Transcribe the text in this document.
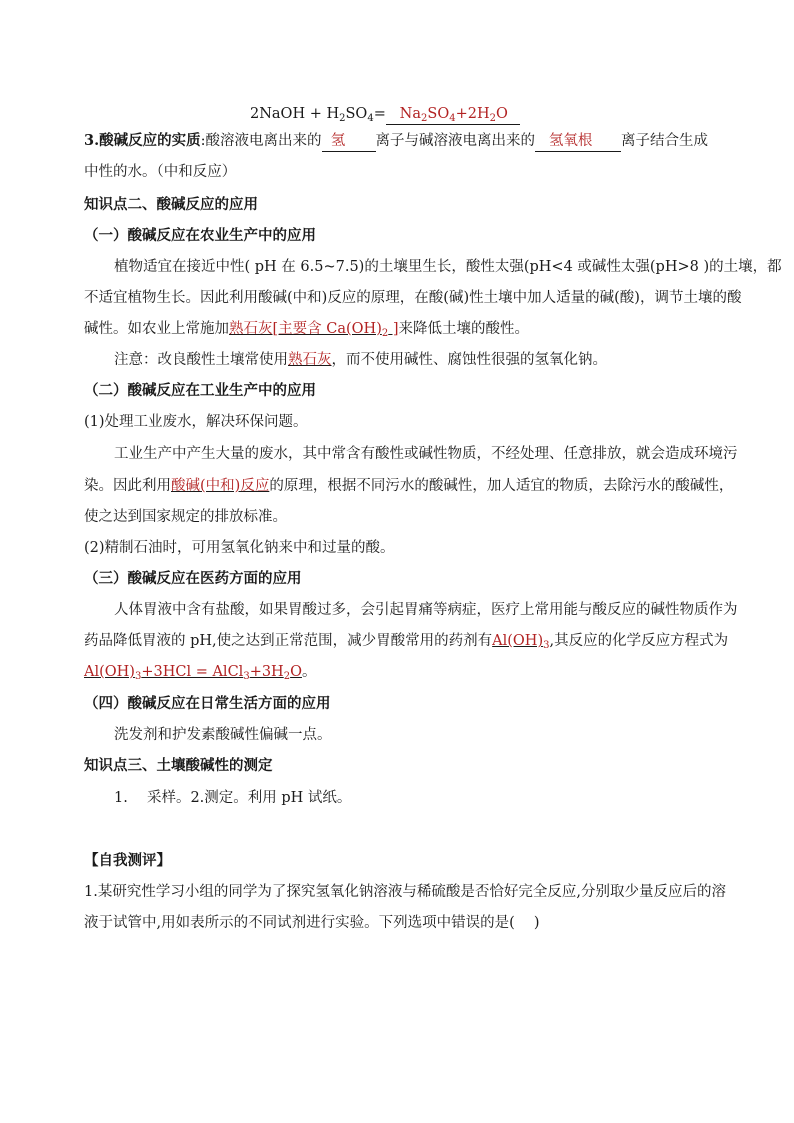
2NaOH + $H_2SO_4= Na_2SO_4+2H_2O$
3.酸碱反应的实质:酸溶液电离出来的 氢 离子与碱溶液电离出来的 氢氧根 离子结合生成
中性的水。（中和反应）
知识点二、酸碱反应的应用
（一）酸碱反应在农业生产中的应用
植物适宜在接近中性( pH 在 6.5~7.5)的土壤里生长，酸性太强(pH<4 或碱性太强(pH>8 )的土壤，都
不适宜植物生长。因此利用酸碱(中和)反应的原理，在酸(碱)性土壤中加人适量的碱(酸)，调节土壤的酸
碱性。如农业上常施加熟石灰[主要含 $Ca(OH)_2$ ]来降低土壤的酸性。
注意：改良酸性土壤常使用熟石灰，而不使用碱性、腐蚀性很强的氢氧化钠。
（二）酸碱反应在工业生产中的应用
(1)处理工业废水，解决环保问题。
工业生产中产生大量的废水，其中常含有酸性或碱性物质，不经处理、任意排放，就会造成环境污
染。因此利用酸碱(中和)反应的原理，根据不同污水的酸碱性，加人适宜的物质，去除污水的酸碱性，
使之达到国家规定的排放标准。
(2)精制石油时，可用氢氧化钠来中和过量的酸。
（三）酸碱反应在医药方面的应用
人体胃液中含有盐酸，如果胃酸过多，会引起胃痛等病症，医疗上常用能与酸反应的碱性物质作为
药品降低胃液的 pH,使之达到正常范围，减少胃酸常用的药剂有$Al(OH)_3$,其反应的化学反应方程式为
$Al(OH)_3+3HCl$ = $AlCl_3+3H_2O$。
（四）酸碱反应在日常生活方面的应用
洗发剂和护发素酸碱性偏碱一点。
知识点三、土壤酸碱性的测定
1.　 采样。2.测定。利用 pH 试纸。
【自我测评】
1.某研究性学习小组的同学为了探究氢氧化钠溶液与稀硫酸是否恰好完全反应,分别取少量反应后的溶
液于试管中,用如表所示的不同试剂进行实验。下列选项中错误的是(　 )
